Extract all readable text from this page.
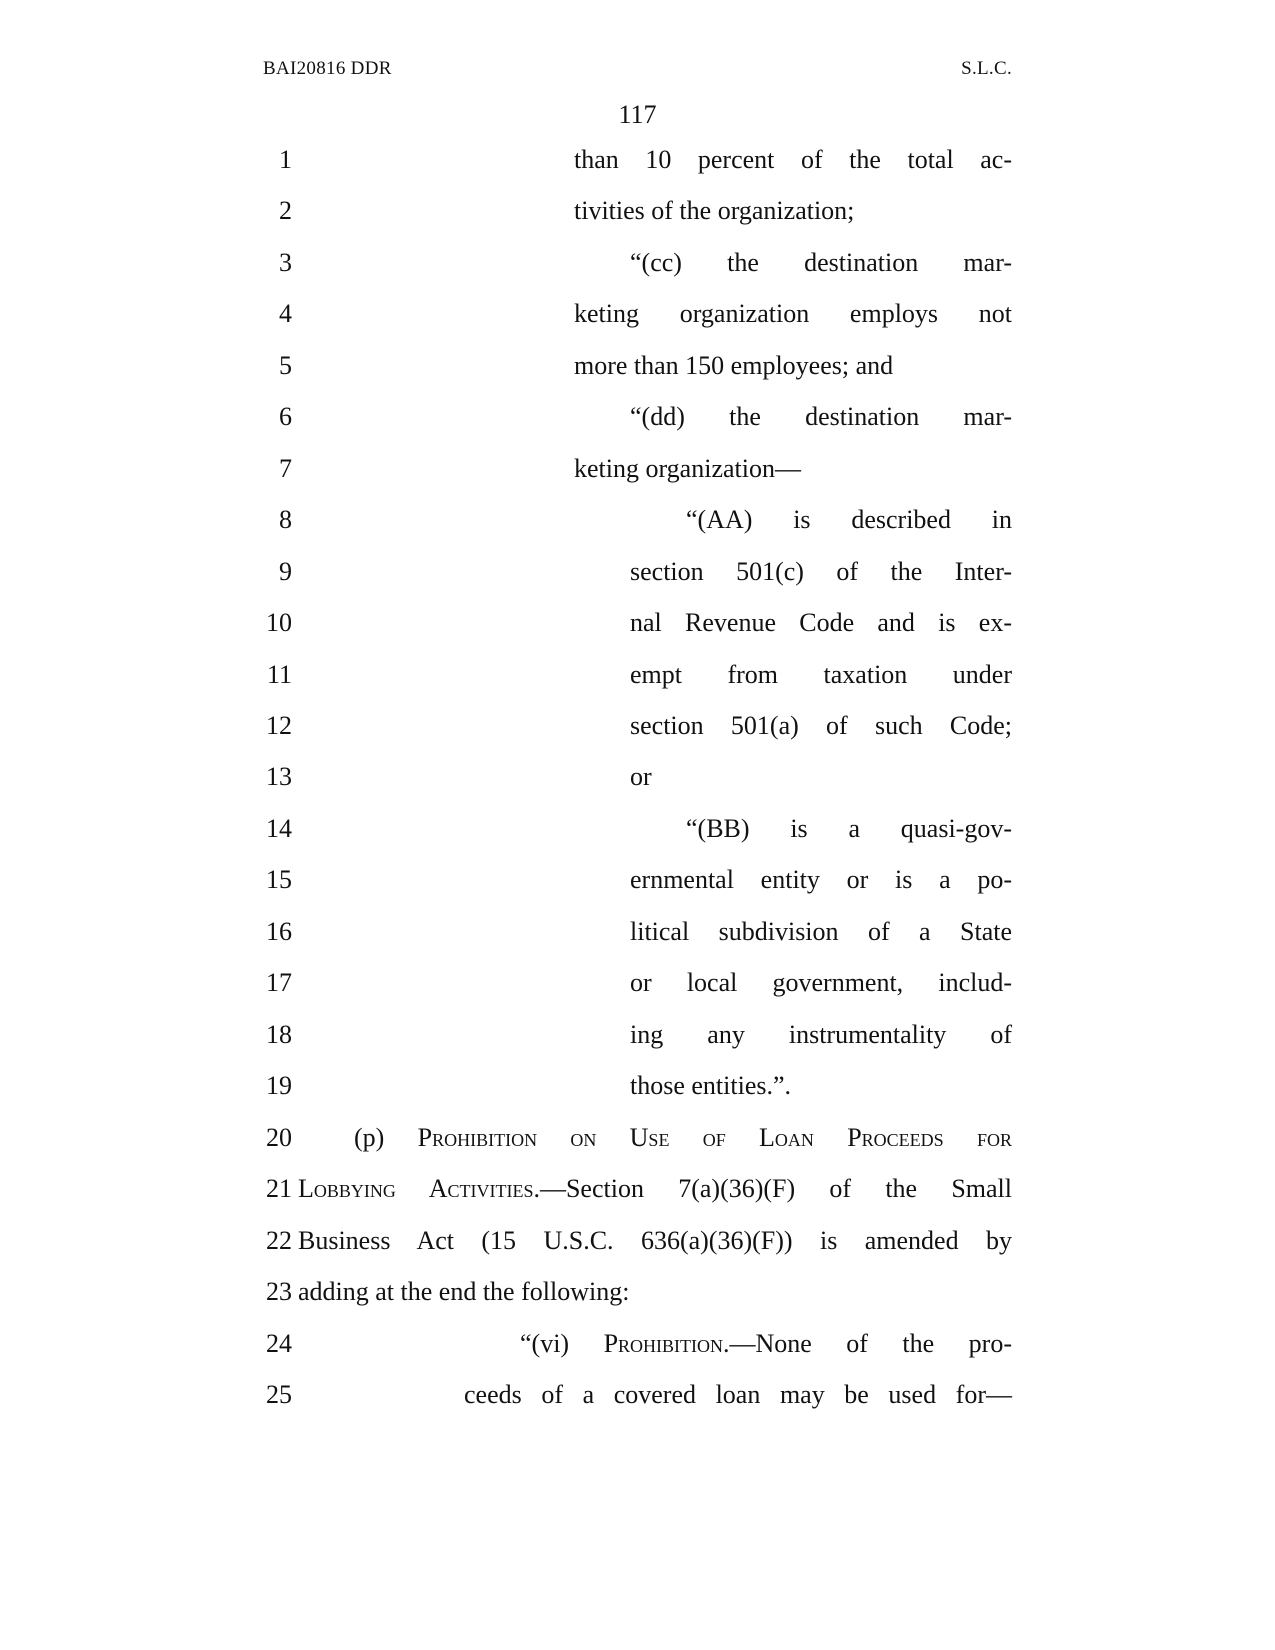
BAI20816 DDR	S.L.C.
117
1	than 10 percent of the total ac-
2	tivities of the organization;
3	“(cc) the destination mar-
4	keting organization employs not
5	more than 150 employees; and
6	“(dd) the destination mar-
7	keting organization—
8	“(AA) is described in
9	section 501(c) of the Inter-
10	nal Revenue Code and is ex-
11	empt from taxation under
12	section 501(a) of such Code;
13	or
14	“(BB) is a quasi-gov-
15	ernmental entity or is a po-
16	litical subdivision of a State
17	or local government, includ-
18	ing any instrumentality of
19	those entities.”.
20 (p) Prohibition on Use of Loan Proceeds for
21 Lobbying Activities.—Section 7(a)(36)(F) of the Small
22 Business Act (15 U.S.C. 636(a)(36)(F)) is amended by
23 adding at the end the following:
24	“(vi) Prohibition.—None of the pro-
25	ceeds of a covered loan may be used for—
